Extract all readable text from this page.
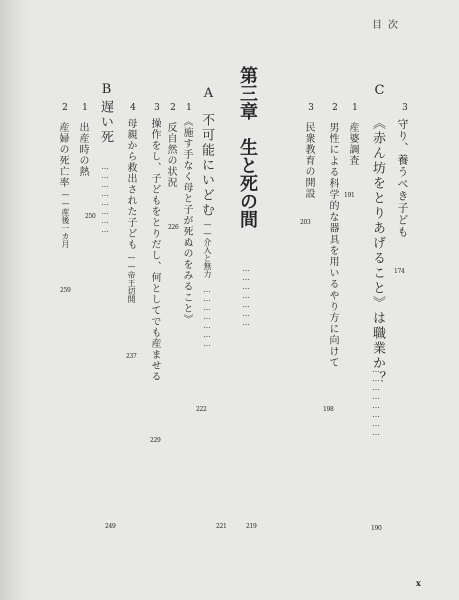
目次
3
守り、養うべき子ども
174
C
《赤ん坊をとりあげること》は職業か？
……………………
190
1
産婆調査
191
2
男性による科学的な器具を用いるやり方に向けて
198
3
民衆教育の開設
203
第三章　生と死の間
…………………
219
A
不可能にいどむ
——介入と無力
…………………
221
222
3
操作をし、子どもをとりだし、何としてでも産ませる
229
4
母親から救出された子ども
——帝王切開
237
B
遅い死
……………………
249
1
出産時の熱
250
2
産婦の死亡率
——産後一カ月
259
x
1
《施す手なく母と子が死ぬのをみること》
2
反自然の状況
226
